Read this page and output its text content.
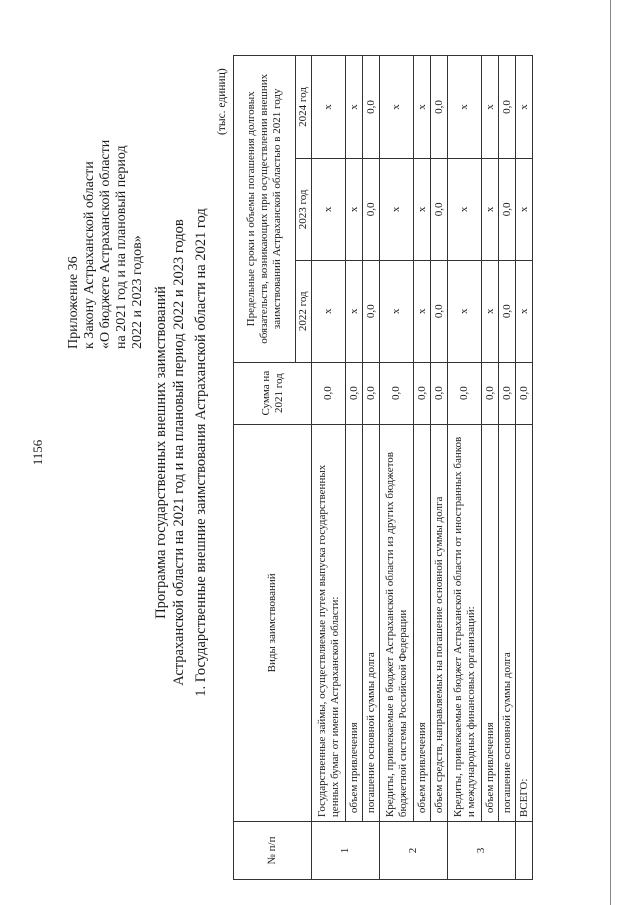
1156
Приложение 36 к Закону Астраханской области «О бюджете Астраханской области на 2021 год и на плановый период 2022 и 2023 годов» Программа государственных внешних заимствований Астраханской области на 2021 год и на плановый период 2022 и 2023 годов 1. Государственные внешние заимствования Астраханской области на 2021 год
(тыс. единиц)
№ п/п	Виды заимствований	Сумма на 2021 год	Предельные сроки и объемы погашения долговых обязательств, возникающих при осуществлении внешних заимствований Астраханской областью в 2021 году		
			2022 год	2023 год	2024 год
1	Государственные займы, осуществляемые путем выпуска государственных ценных бумаг от имени Астраханской области:	0,0	х	х	х
	объем привлечения	0,0	х	х	х
	погашение основной суммы долга	0,0	0,0	0,0	0,0
2	Кредиты, привлекаемые в бюджет Астраханской области из других бюджетов бюджетной системы Российской Федерации	0,0	х	х	х
	объем привлечения	0,0	х	х	х
	объем средств, направляемых на погашение основной суммы долга	0,0	0,0	0,0	0,0
3	Кредиты, привлекаемые в бюджет Астраханской области от иностранных банков и международных финансовых организаций:	0,0	х	х	х
	объем привлечения	0,0	х	х	х
	погашение основной суммы долга	0,0	0,0	0,0	0,0
	ВСЕГО:	0,0	х	х	х
